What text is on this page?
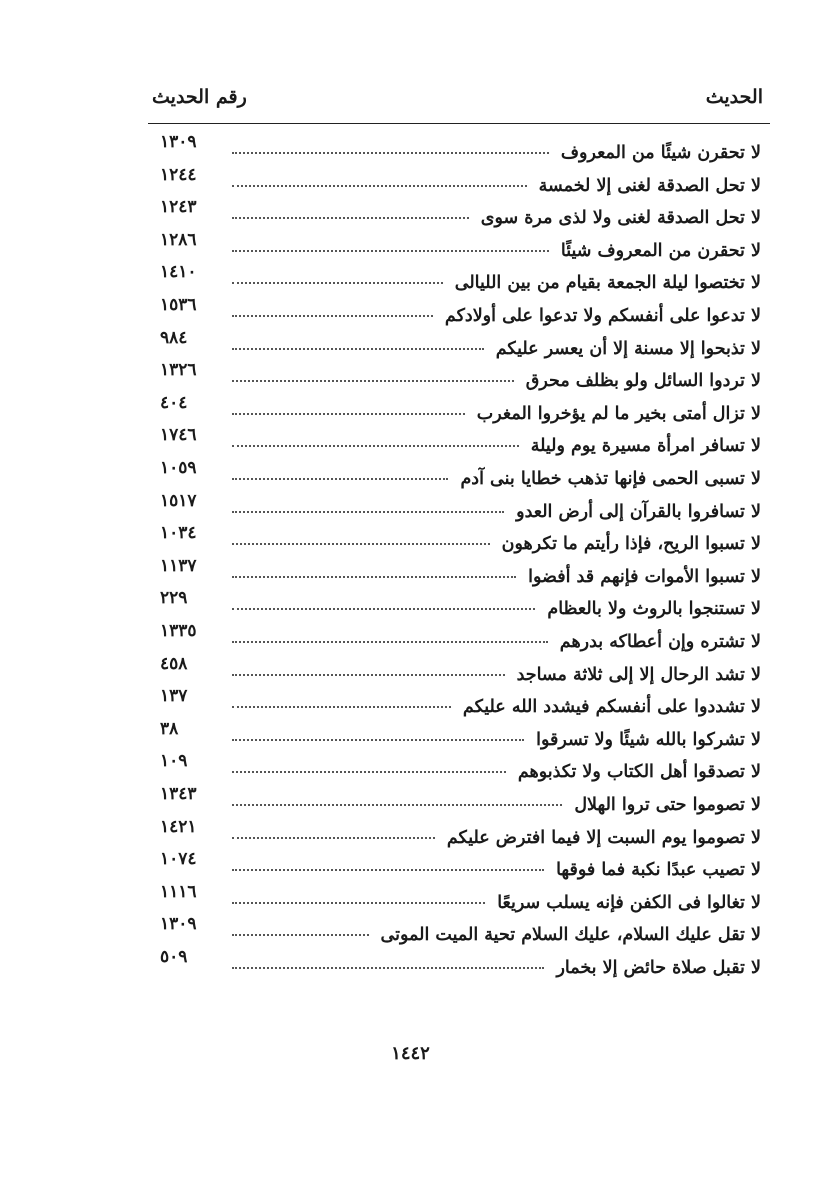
الحديث
رقم الحديث
١٣٠٩
لا تحقرن شيئًا من المعروف
١٢٤٤
لا تحل الصدقة لغنى إلا لخمسة
١٢٤٣
لا تحل الصدقة لغنى ولا لذى مرة سوى
١٢٨٦
لا تحقرن من المعروف شيئًا
١٤١٠
لا تختصوا ليلة الجمعة بقيام من بين الليالى
١٥٣٦
لا تدعوا على أنفسكم ولا تدعوا على أولادكم
٩٨٤
لا تذبحوا إلا مسنة إلا أن يعسر عليكم
١٣٢٦
لا تردوا السائل ولو بظلف محرق
٤٠٤
لا تزال أمتى بخير ما لم يؤخروا المغرب
١٧٤٦
لا تسافر امرأة مسيرة يوم وليلة
١٠٥٩
لا تسبى الحمى فإنها تذهب خطايا بنى آدم
١٥١٧
لا تسافروا بالقرآن إلى أرض العدو
١٠٣٤
لا تسبوا الريح، فإذا رأيتم ما تكرهون
١١٣٧
لا تسبوا الأموات فإنهم قد أفضوا
٢٢٩
لا تستنجوا بالروث ولا بالعظام
١٣٣٥
لا تشتره وإن أعطاكه بدرهم
٤٥٨
لا تشد الرحال إلا إلى ثلاثة مساجد
١٣٧
لا تشددوا على أنفسكم فيشدد الله عليكم
٣٨
لا تشركوا بالله شيئًا ولا تسرقوا
١٠٩
لا تصدقوا أهل الكتاب ولا تكذبوهم
١٣٤٣
لا تصوموا حتى تروا الهلال
١٤٢١
لا تصوموا يوم السبت إلا فيما افترض عليكم
١٠٧٤
لا تصيب عبدًا نكبة فما فوقها
١١١٦
لا تغالوا فى الكفن فإنه يسلب سريعًا
١٣٠٩
لا تقل عليك السلام، عليك السلام تحية الميت الموتى
٥٠٩
لا تقبل صلاة حائض إلا بخمار
١٤٤٢
